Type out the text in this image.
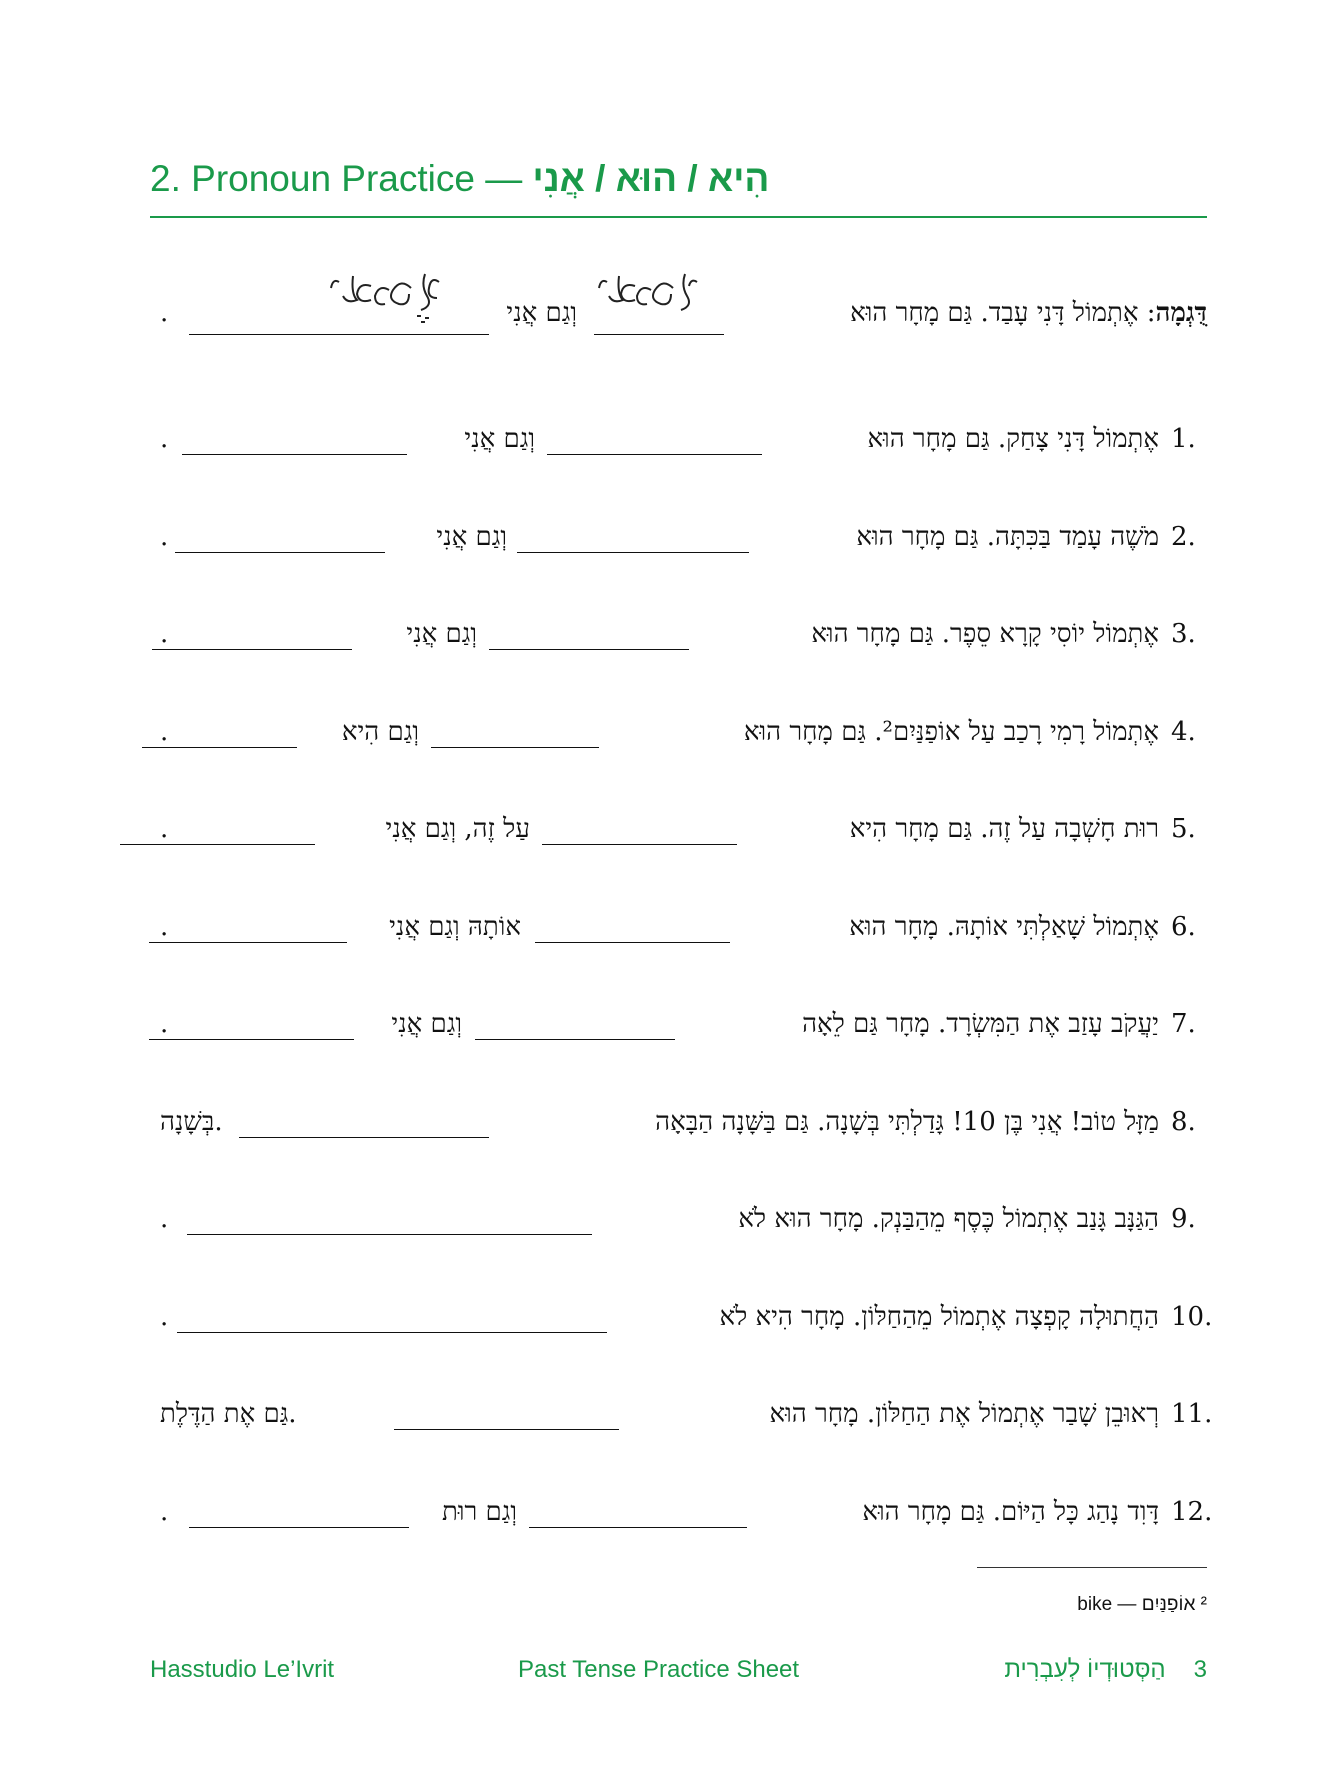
2. Pronoun Practice — הִיא / הוּא / אֲנִי
דֻּגְמָה: אֶתְמוֹל דָּנִי עָבַד. גַּם מָחָר הוּא
וְגַם אֲנִי
.
1.
אֶתְמוֹל דָּנִי צָחַק. גַּם מָחָר הוּא
וְגַם אֲנִי
.
2.
מֹשֶׁה עָמַד בַּכִּתָּה. גַּם מָחָר הוּא
וְגַם אֲנִי
.
3.
אֶתְמוֹל יוֹסִי קָרָא סֵפֶר. גַּם מָחָר הוּא
וְגַם אֲנִי
.
4.
אֶתְמוֹל רָמִי רָכַב עַל אוֹפַנַּיִם². גַּם מָחָר הוּא
וְגַם הִיא
.
5.
רוּת חָשְׁבָה עַל זֶה. גַּם מָחָר הִיא
עַל זֶה, וְגַם אֲנִי
.
6.
אֶתְמוֹל שָׁאַלְתִּי אוֹתָהּ. מָחָר הוּא
אוֹתָהּ וְגַם אֲנִי
.
7.
יַעֲקֹב עָזַב אֶת הַמִּשְׂרָד. מָחָר גַּם לֵאָה
וְגַם אֲנִי
.
8.
מַזָּל טוֹב! אֲנִי בֶּן 10! גָּדַלְתִּי בְּשָׁנָה. גַּם בַּשָּׁנָה הַבָּאָה
בְּשָׁנָה.
9.
הַגַּנָּב גָּנַב אֶתְמוֹל כֶּסֶף מֵהַבַּנְק. מָחָר הוּא לֹא
.
10.
הַחֲתוּלָה קָפְצָה אֶתְמוֹל מֵהַחַלּוֹן. מָחָר הִיא לֹא
.
11.
רְאוּבֵן שָׁבַר אֶתְמוֹל אֶת הַחַלּוֹן. מָחָר הוּא
גַּם אֶת הַדֶּלֶת.
12.
דָּוִד נָהַג כָּל הַיּוֹם. גַּם מָחָר הוּא
וְגַם רוּת
.
² אוֹפַנַּיִם — bike
Hasstudio Le’Ivrit	Past Tense Practice Sheet	הַסְּטוּדְיוֹ לְעִבְרִית 3
